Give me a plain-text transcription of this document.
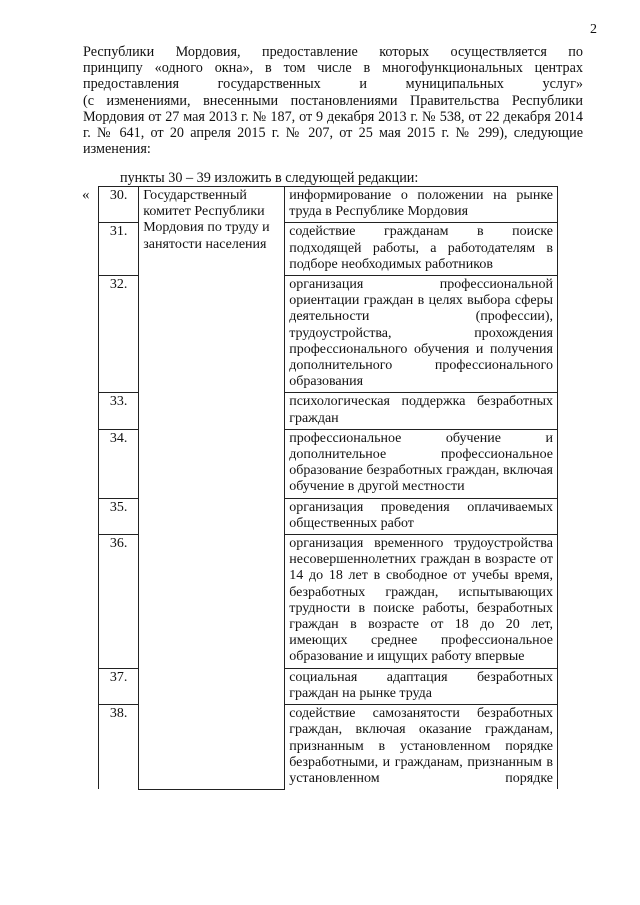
2

Республики Мордовия, предоставление которых осуществляется по

принципу «одного окна», в том числе в многофункциональных центрах

предоставления государственных и муниципальных услуг»

(с изменениями, внесенными постановлениями Правительства Республики Мордовия от 27 мая 2013 г. № 187, от 9 декабря 2013 г. № 538, от 22 декабря 2014 г. № 641, от 20 апреля 2015 г. № 207, от 25 мая 2015 г. № 299), следующие изменения:

пункты 30 – 39 изложить в следующей редакции:
« 30.	Государственный комитет Республики Мордовия по труду и занятости населения	информирование о положении на рынке труда в Республике Мордовия
31.		содействие гражданам в поиске подходящей работы, а работодателям в подборе необходимых работников
32.		организация профессиональной ориентации граждан в целях выбора сферы деятельности (профессии), трудоустройства, прохождения профессионального обучения и получения дополнительного профессионального образования
33.		психологическая поддержка безработных граждан
34.		профессиональное обучение и дополнительное профессиональное образование безработных граждан, включая обучение в другой местности
35.		организация проведения оплачиваемых общественных работ
36.		организация временного трудоустройства несовершеннолетних граждан в возрасте от 14 до 18 лет в свободное от учебы время, безработных граждан, испытывающих трудности в поиске работы, безработных граждан в возрасте от 18 до 20 лет, имеющих среднее профессиональное образование и ищущих работу впервые
37.		социальная адаптация безработных граждан на рынке труда
38.		содействие самозанятости безработных граждан, включая оказание гражданам, признанным в установленном порядке безработными, и гражданам, признанным в установленном порядке
